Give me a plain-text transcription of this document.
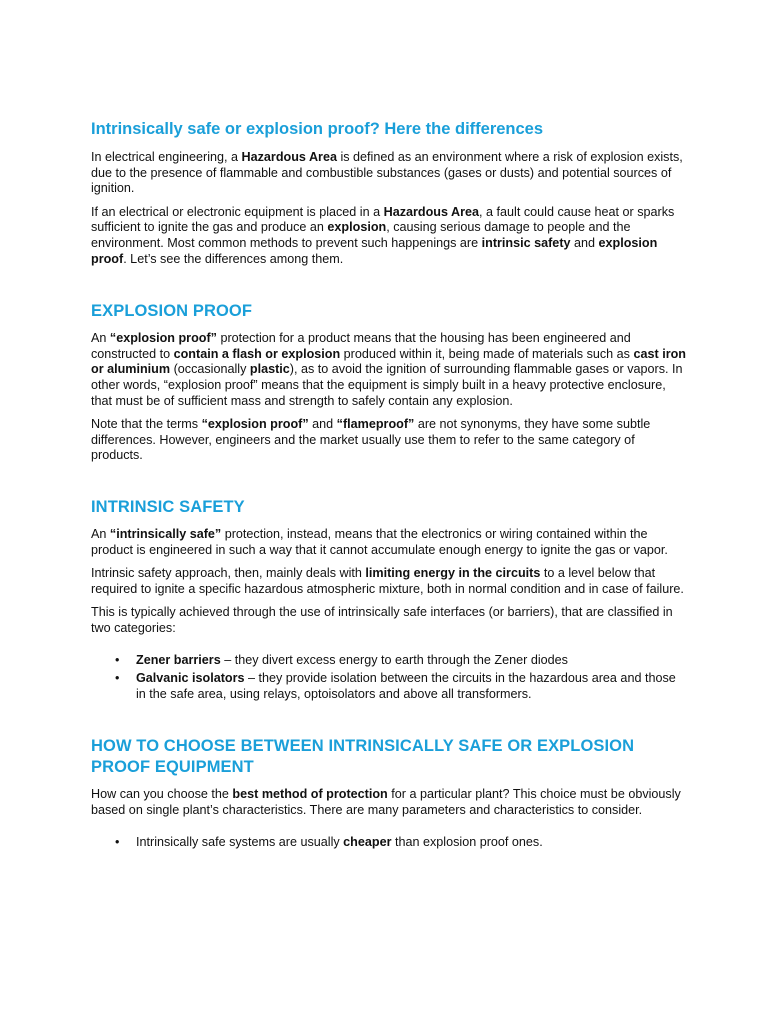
Intrinsically safe or explosion proof? Here the differences

In electrical engineering, a Hazardous Area is defined as an environment where a risk of explosion exists, due to the presence of flammable and combustible substances (gases or dusts) and potential sources of ignition.

If an electrical or electronic equipment is placed in a Hazardous Area, a fault could cause heat or sparks sufficient to ignite the gas and produce an explosion, causing serious damage to people and the environment. Most common methods to prevent such happenings are intrinsic safety and explosion proof. Let’s see the differences among them.

EXPLOSION PROOF

An “explosion proof” protection for a product means that the housing has been engineered and constructed to contain a flash or explosion produced within it, being made of materials such as cast iron or aluminium (occasionally plastic), as to avoid the ignition of surrounding flammable gases or vapors. In other words, “explosion proof” means that the equipment is simply built in a heavy protective enclosure, that must be of sufficient mass and strength to safely contain any explosion.

Note that the terms “explosion proof” and “flameproof” are not synonyms, they have some subtle differences. However, engineers and the market usually use them to refer to the same category of products.

INTRINSIC SAFETY

An “intrinsically safe” protection, instead, means that the electronics or wiring contained within the product is engineered in such a way that it cannot accumulate enough energy to ignite the gas or vapor.

Intrinsic safety approach, then, mainly deals with limiting energy in the circuits to a level below that required to ignite a specific hazardous atmospheric mixture, both in normal condition and in case of failure.

This is typically achieved through the use of intrinsically safe interfaces (or barriers), that are classified in two categories:

• Zener barriers – they divert excess energy to earth through the Zener diodes
• Galvanic isolators – they provide isolation between the circuits in the hazardous area and those in the safe area, using relays, optoisolators and above all transformers.
HOW TO CHOOSE BETWEEN INTRINSICALLY SAFE OR EXPLOSION PROOF EQUIPMENT

How can you choose the best method of protection for a particular plant? This choice must be obviously based on single plant’s characteristics. There are many parameters and characteristics to consider.

• Intrinsically safe systems are usually cheaper than explosion proof ones.
